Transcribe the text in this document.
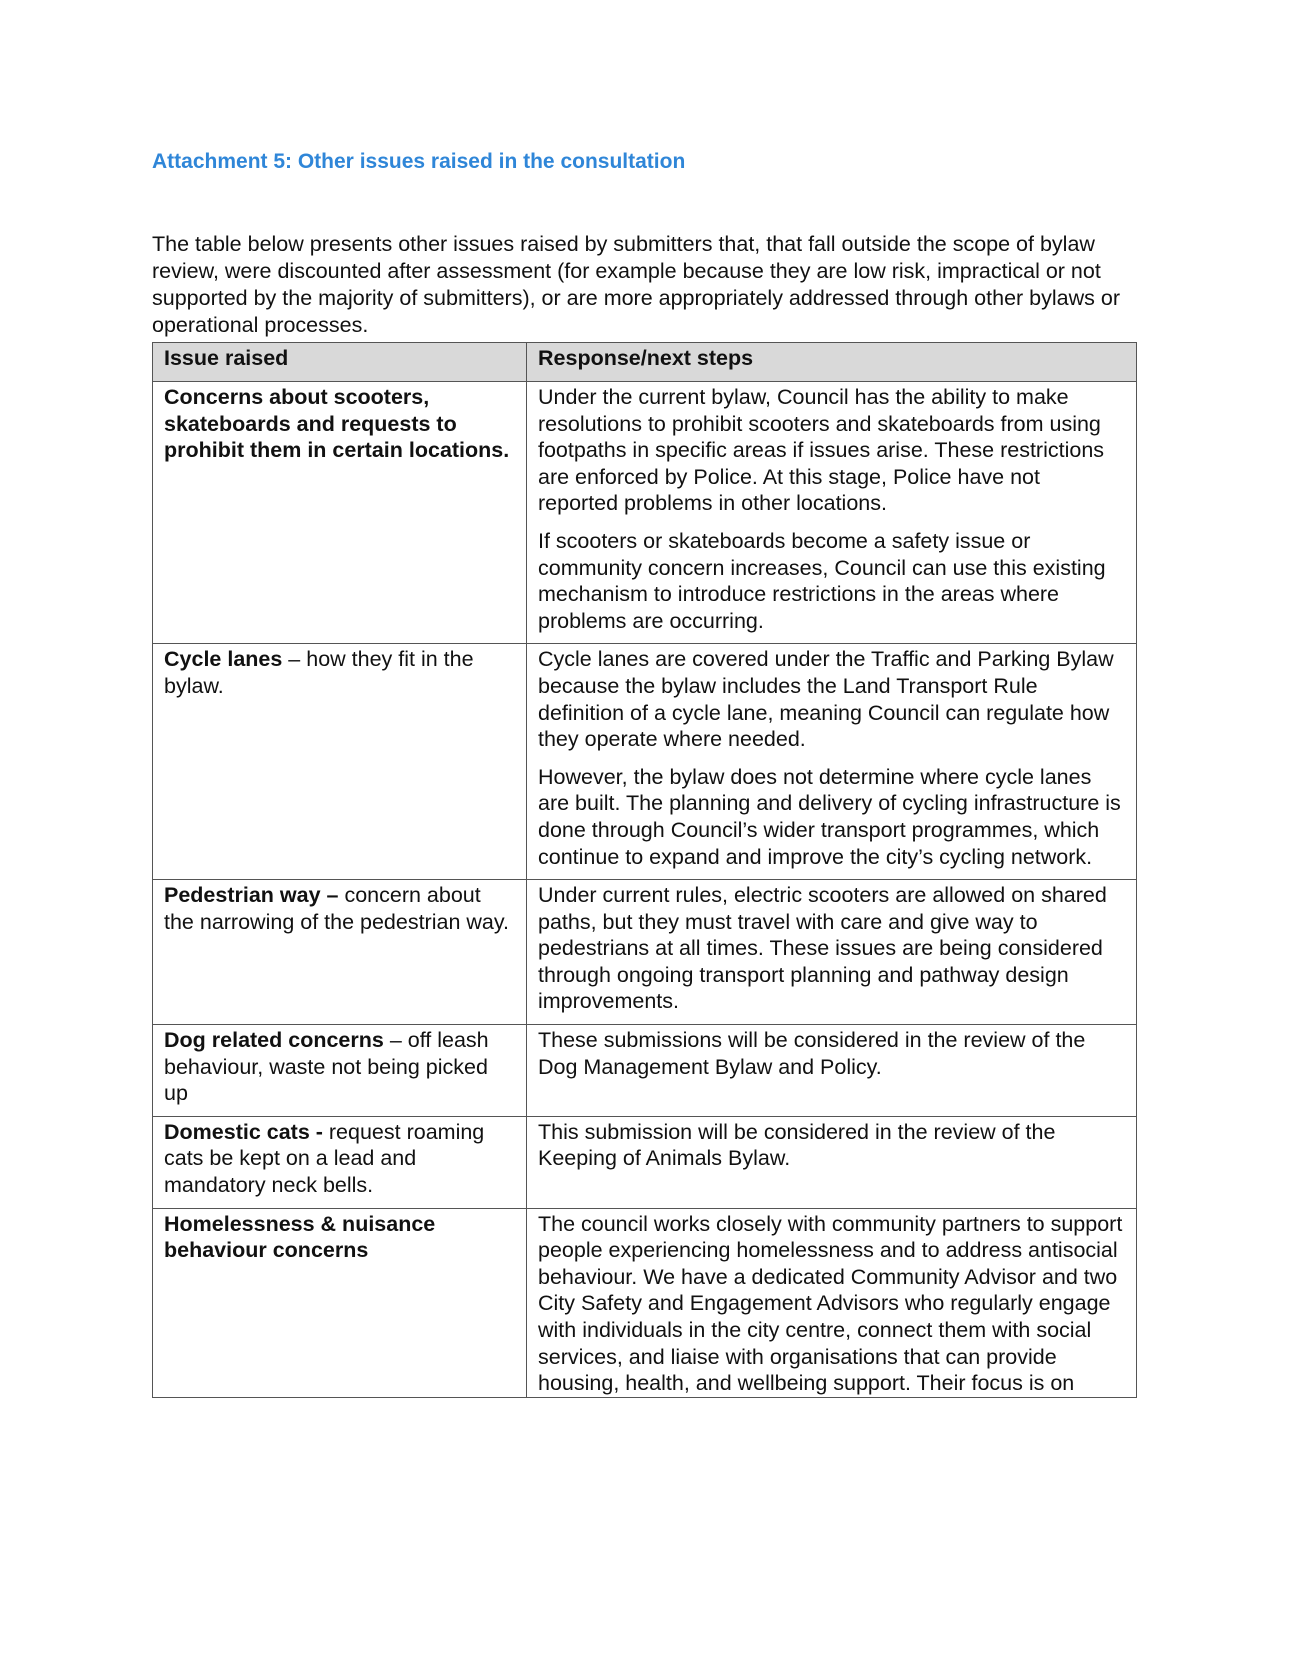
Attachment 5: Other issues raised in the consultation

The table below presents other issues raised by submitters that, that fall outside the scope of bylaw review, were discounted after assessment (for example because they are low risk, impractical or not supported by the majority of submitters), or are more appropriately addressed through other bylaws or operational processes.

Issue raised	Response/next steps
Concerns about scooters, skateboards and requests to prohibit them in certain locations.	Under the current bylaw, Council has the ability to make resolutions to prohibit scooters and skateboards from using footpaths in specific areas if issues arise. These restrictions are enforced by Police. At this stage, Police have not reported problems in other locations.

If scooters or skateboards become a safety issue or community concern increases, Council can use this existing mechanism to introduce restrictions in the areas where problems are occurring.

Cycle lanes – how they fit in the bylaw.	Cycle lanes are covered under the Traffic and Parking Bylaw because the bylaw includes the Land Transport Rule definition of a cycle lane, meaning Council can regulate how they operate where needed.

However, the bylaw does not determine where cycle lanes are built. The planning and delivery of cycling infrastructure is done through Council’s wider transport programmes, which continue to expand and improve the city’s cycling network.

Pedestrian way – concern about the narrowing of the pedestrian way.	Under current rules, electric scooters are allowed on shared paths, but they must travel with care and give way to pedestrians at all times. These issues are being considered through ongoing transport planning and pathway design improvements.

Dog related concerns – off leash behaviour, waste not being picked up	These submissions will be considered in the review of the Dog Management Bylaw and Policy.

Domestic cats - request roaming cats be kept on a lead and mandatory neck bells.	This submission will be considered in the review of the Keeping of Animals Bylaw.

Homelessness & nuisance behaviour concerns	The council works closely with community partners to support people experiencing homelessness and to address antisocial behaviour. We have a dedicated Community Advisor and two City Safety and Engagement Advisors who regularly engage with individuals in the city centre, connect them with social services, and liaise with organisations that can provide housing, health, and wellbeing support. Their focus is on
